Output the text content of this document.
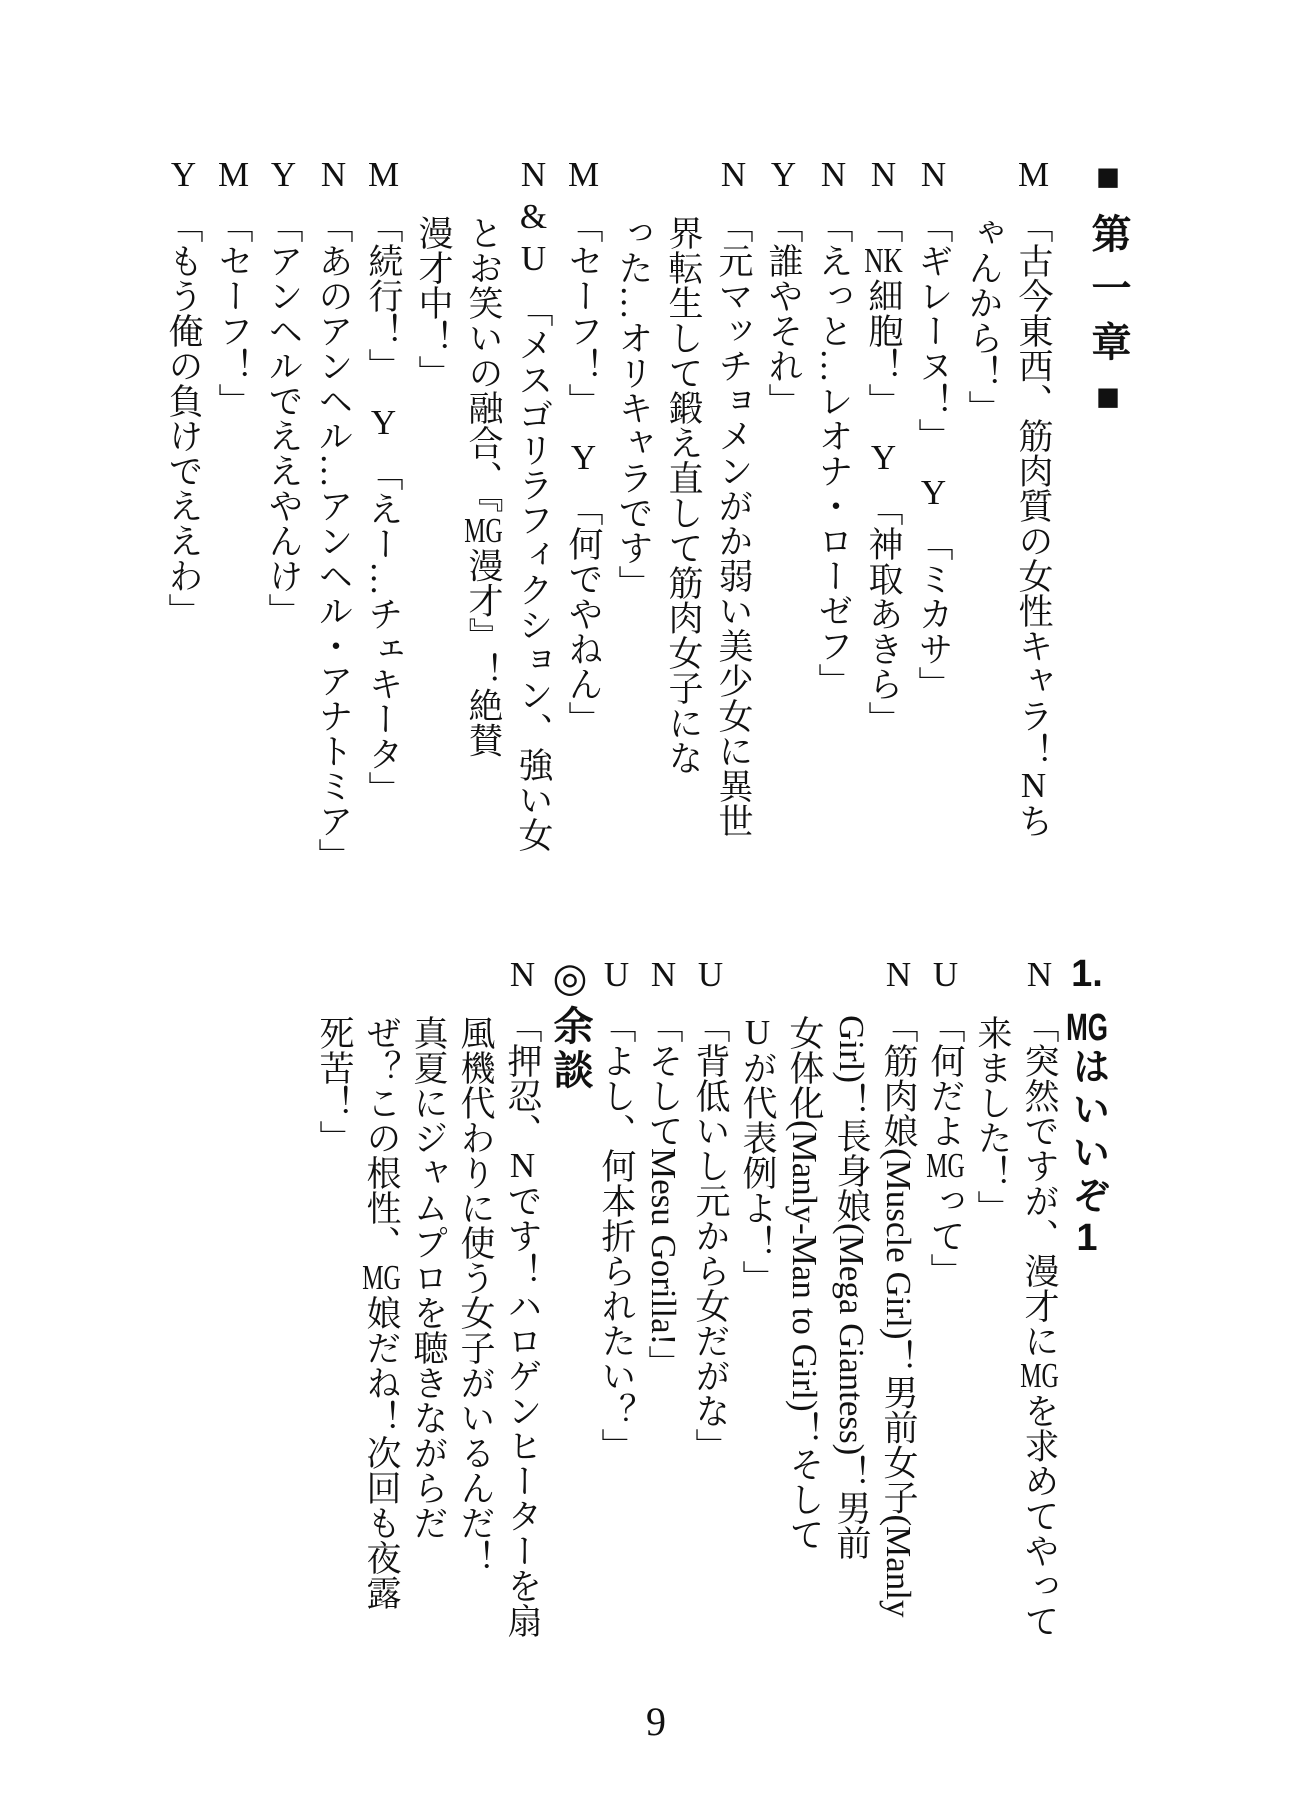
■第一章■
M「古今東西、筋肉質の女性キャラ！Nち
ゃんから！」
N「ギレーヌ！」Y「ミカサ」
N「NK細胞！」Y「神取あきら」
N「えっと…レオナ・ローゼフ」
Y「誰やそれ」
N「元マッチョメンがか弱い美少女に異世
界転生して鍛え直して筋肉女子にな
った…オリキャラです」
M「セーフ！」Y「何でやねん」
N&U「メスゴリラフィクション、強い女
とお笑いの融合、『MG漫才』！絶賛
漫才中！」
M「続行！」Y「えー…チェキータ」
N「あのアンヘル…アンヘル・アナトミア」
Y「アンヘルでええやんけ」
M「セーフ！」
Y「もう俺の負けでええわ」
1. MGはいいぞ1
N「突然ですが、漫才にMGを求めてやって
来ました！」
U「何だよMGって」
N「筋肉娘(Muscle Girl)！男前女子(Manly
Girl)！長身娘(Mega Giantess)！男前
女体化(Manly-Man to Girl)！そして
Uが代表例よ！」
U「背低いし元から女だがな」
N「そしてMesu Gorilla!」
U「よし、何本折られたい？」
◎余談
N「押忍、Nです！ハロゲンヒーターを扇
風機代わりに使う女子がいるんだ！
真夏にジャムプロを聴きながらだ
ぜ？この根性、MG娘だね！次回も夜露
死苦！」
9
